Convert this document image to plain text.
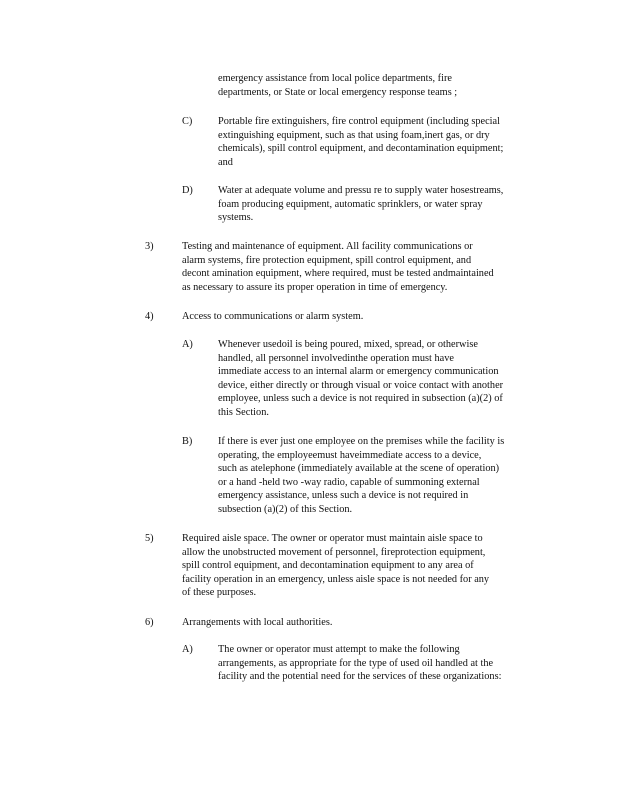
emergency assistance from local police departments, fire
departments, or State or local emergency response teams ;

C) Portable fire extinguishers, fire control equipment (including special
extinguishing equipment, such as that using foam,inert gas, or dry
chemicals), spill control equipment, and decontamination equipment;
and

D) Water at adequate volume and pressu re to supply water hosestreams,
foam producing equipment, automatic sprinklers, or water spray
systems.

3)	Testing and maintenance of equipment. All facility communications or
alarm systems, fire protection equipment, spill control equipment, and
decont amination equipment, where required, must be tested andmaintained
as necessary to assure its proper operation in time of emergency.

4)	Access to communications or alarm system.

A) Whenever usedoil is being poured, mixed, spread, or otherwise
handled, all personnel involvedinthe operation must have
immediate access to an internal alarm or emergency communication
device, either directly or through visual or voice contact with another
employee, unless such a device is not required in subsection (a)(2) of
this Section.

B) If there is ever just one employee on the premises while the facility is
operating, the employeemust haveimmediate access to a device,
such as atelephone (immediately available at the scene of operation)
or a hand -held two -way radio, capable of summoning external
emergency assistance, unless such a device is not required in
subsection (a)(2) of this Section.

5)	Required aisle space. The owner or operator must maintain aisle space to
allow the unobstructed movement of personnel, fireprotection equipment,
spill control equipment, and decontamination equipment to any area of
facility operation in an emergency, unless aisle space is not needed for any
of these purposes.

6)	Arrangements with local authorities.

A) The owner or operator must attempt to make the following
arrangements, as appropriate for the type of used oil handled at the
facility and the potential need for the services of these organizations:
